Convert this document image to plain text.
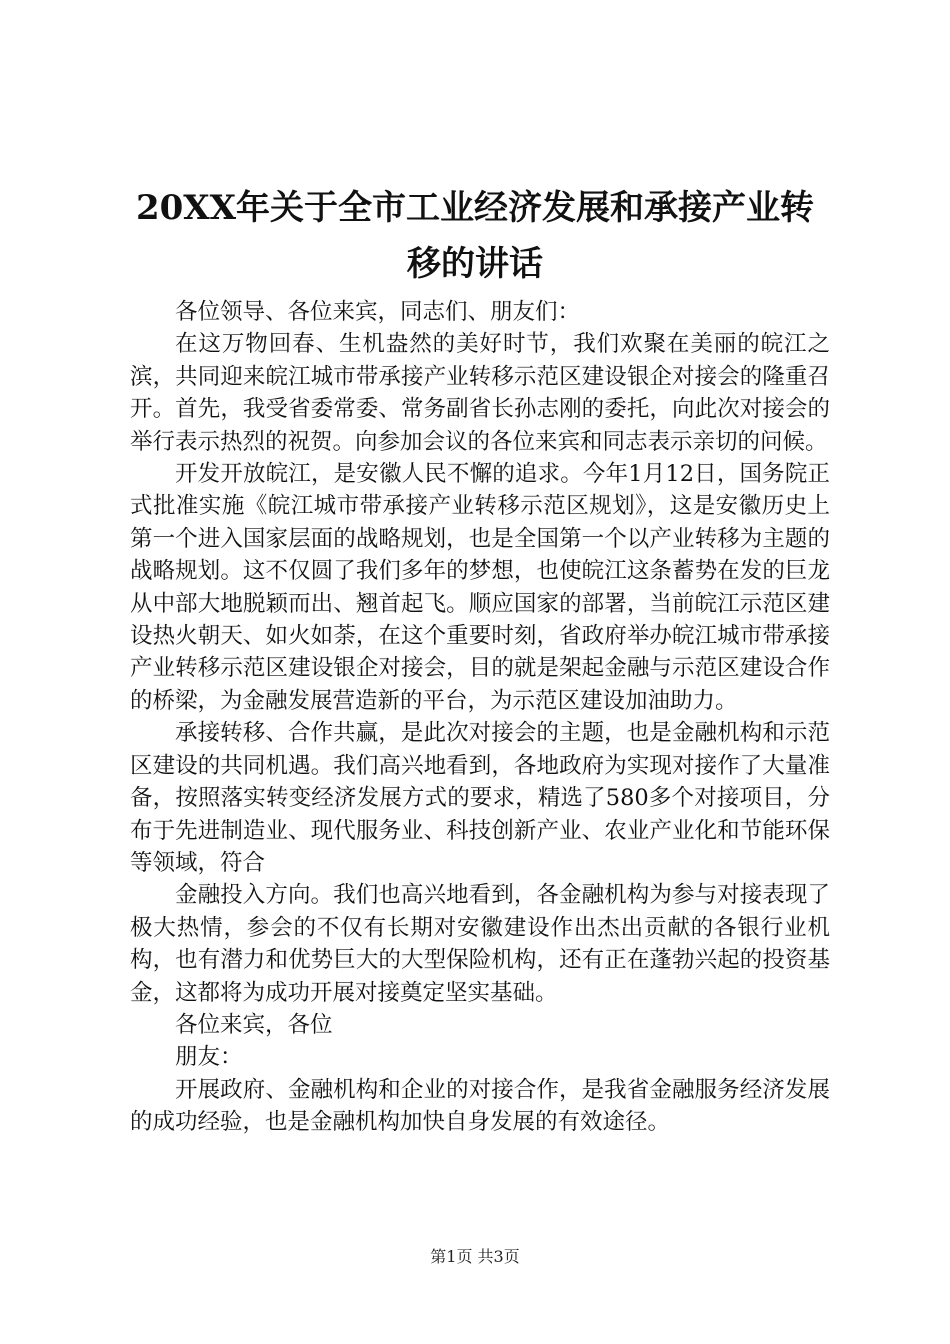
20XX年关于全市工业经济发展和承接产业转
移的讲话

各位领导、各位来宾，同志们、朋友们：

在这万物回春、生机盎然的美好时节，我们欢聚在美丽的皖江之滨，共同迎来皖江城市带承接产业转移示范区建设银企对接会的隆重召开。首先，我受省委常委、常务副省长孙志刚的委托，向此次对接会的举行表示热烈的祝贺。向参加会议的各位来宾和同志表示亲切的问候。

开发开放皖江，是安徽人民不懈的追求。今年1月12日，国务院正式批准实施《皖江城市带承接产业转移示范区规划》，这是安徽历史上第一个进入国家层面的战略规划，也是全国第一个以产业转移为主题的战略规划。这不仅圆了我们多年的梦想，也使皖江这条蓄势在发的巨龙从中部大地脱颖而出、翘首起飞。顺应国家的部署，当前皖江示范区建设热火朝天、如火如荼，在这个重要时刻，省政府举办皖江城市带承接产业转移示范区建设银企对接会，目的就是架起金融与示范区建设合作的桥梁，为金融发展营造新的平台，为示范区建设加油助力。

承接转移、合作共赢，是此次对接会的主题，也是金融机构和示范区建设的共同机遇。我们高兴地看到，各地政府为实现对接作了大量准备，按照落实转变经济发展方式的要求，精选了580多个对接项目，分布于先进制造业、现代服务业、科技创新产业、农业产业化和节能环保等领域，符合

金融投入方向。我们也高兴地看到，各金融机构为参与对接表现了极大热情，参会的不仅有长期对安徽建设作出杰出贡献的各银行业机构，也有潜力和优势巨大的大型保险机构，还有正在蓬勃兴起的投资基金，这都将为成功开展对接奠定坚实基础。

各位来宾，各位

朋友：

开展政府、金融机构和企业的对接合作，是我省金融服务经济发展的成功经验，也是金融机构加快自身发展的有效途径。

第1页 共3页
